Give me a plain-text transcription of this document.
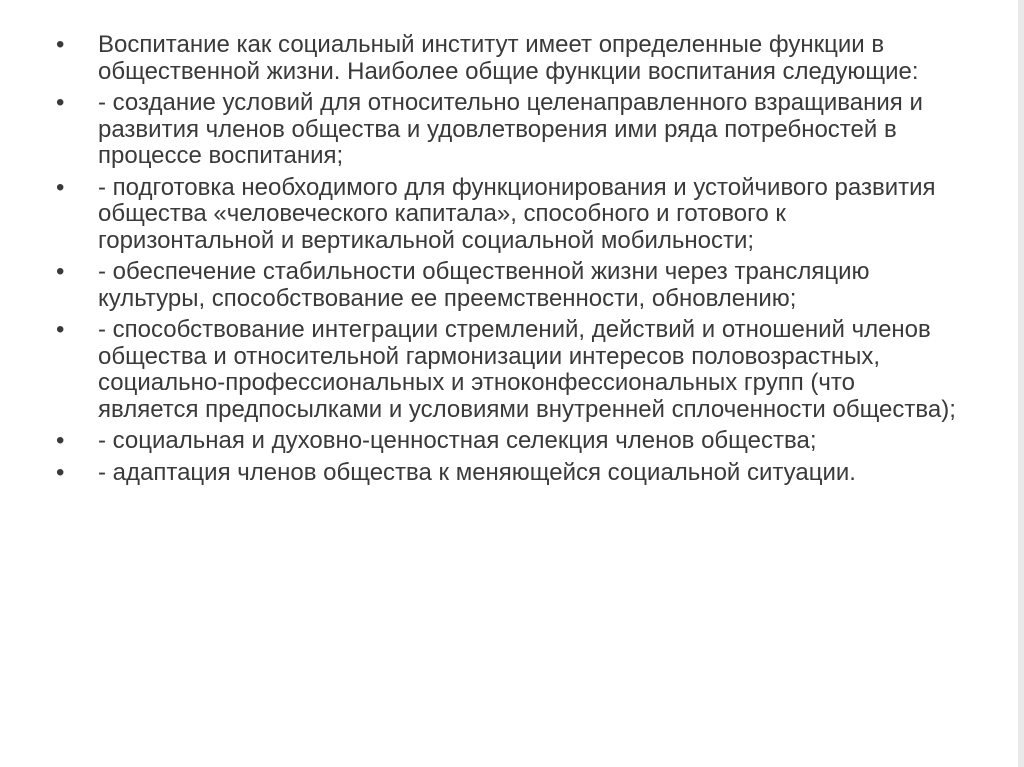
•	Воспитание как социальный институт имеет определенные функции в общественной жизни. Наиболее общие функции воспитания следующие:
•	- создание условий для относительно целенаправленного взращивания и развития членов общества и удовлетворения ими ряда потребностей в процессе воспитания;
•	- подготовка необходимого для функционирования и устойчивого развития общества «человеческого капитала», способного и готового к горизонтальной и вертикальной социальной мобильности;
•	- обеспечение стабильности общественной жизни через трансляцию культуры, способствование ее преемственности, обновлению;
•	- способствование интеграции стремлений, действий и отношений членов общества и относительной гармонизации интересов половозрастных, социально-профессиональных и этноконфессиональных групп (что является предпосылками и условиями внутренней сплоченности общества);
•	- социальная и духовно-ценностная селекция членов общества;
•	- адаптация членов общества к меняющейся социальной ситуации.
